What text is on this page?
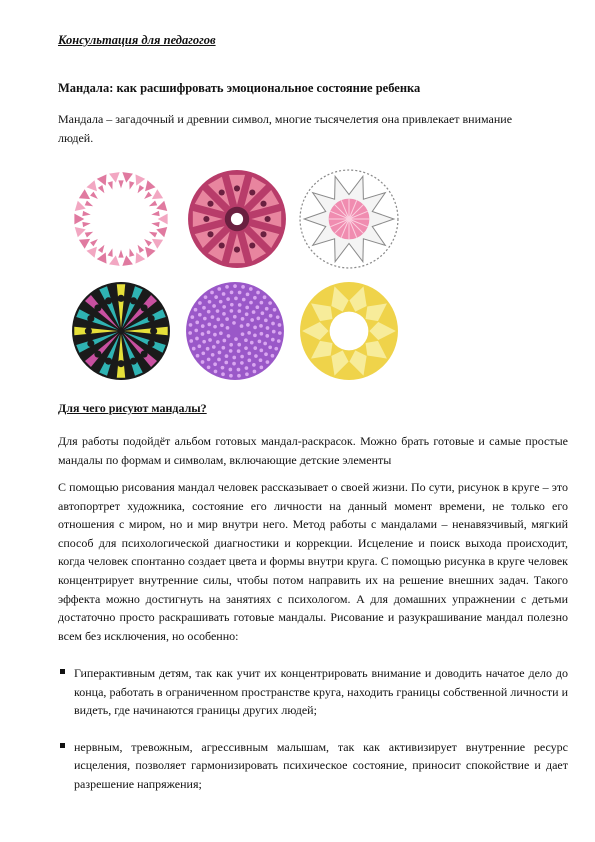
Консультация для педагогов
Мандала: как расшифровать эмоциональное состояние ребенка

Мандала – загадочный и древнии символ, многие тысячелетия она привлекает внимание людей.

Для чего рисуют мандалы?

Для работы подойдёт альбом готовых мандал-раскрасок. Можно брать готовые и самые простые мандалы по формам и символам, включающие детские элементы

С помощью рисования мандал человек рассказывает о своей жизни. По сути, рисунок в круге – это автопортрет художника, состояние его личности на данный момент времени, не только его отношения с миром, но и мир внутри него. Метод работы с мандалами – ненавязчивый, мягкий способ для психологической диагностики и коррекции. Исцеление и поиск выхода происходит, когда человек спонтанно создает цвета и формы внутри круга. С помощью рисунка в круге человек концентрирует внутренние силы, чтобы потом направить их на решение внешних задач. Такого эффекта можно достигнуть на занятиях с психологом. А для домашних упражнении с детьми достаточно просто раскрашивать готовые мандалы. Рисование и разукрашивание мандал полезно всем без исключения, но особенно:

Гиперактивным детям, так как учит их концентрировать внимание и доводить начатое дело до конца, работать в ограниченном пространстве круга, находить границы собственной личности и видеть, где начинаются границы других людей;
нервным, тревожным, агрессивным малышам, так как активизирует внутренние ресурс исцеления, позволяет гармонизировать психическое состояние, приносит спокойствие и дает разрешение напряжения;
